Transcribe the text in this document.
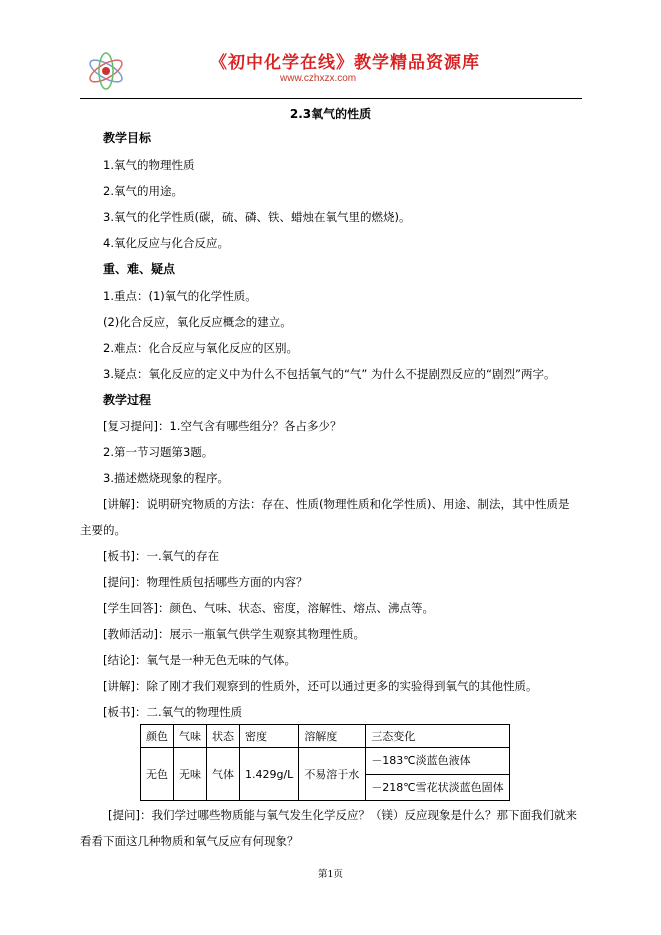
《初中化学在线》教学精品资源库
www.czhxzx.com
2.3氧气的性质
教学目标
1.氧气的物理性质
2.氧气的用途。
3.氧气的化学性质(碳，硫、磷、铁、蜡烛在氧气里的燃烧)。
4.氧化反应与化合反应。
重、难、疑点
1.重点：(1)氧气的化学性质。
(2)化合反应，氧化反应概念的建立。
2.难点：化合反应与氧化反应的区别。
3.疑点：氧化反应的定义中为什么不包括氧气的“气” 为什么不提剧烈反应的“剧烈”两字。
教学过程
[复习提问]：1.空气含有哪些组分？各占多少？
2.第一节习题第3题。
3.描述燃烧现象的程序。
[讲解]：说明研究物质的方法：存在、性质(物理性质和化学性质)、用途、制法，其中性质是
主要的。
[板书]：一.氧气的存在
[提问]：物理性质包括哪些方面的内容？
[学生回答]：颜色、气味、状态、密度，溶解性、熔点、沸点等。
[教师活动]：展示一瓶氧气供学生观察其物理性质。
[结论]：氧气是一种无色无味的气体。
[讲解]：除了刚才我们观察到的性质外，还可以通过更多的实验得到氧气的其他性质。
[板书]：二.氧气的物理性质
颜色	气味	状态	密度	溶解度	三态变化
无色	无味	气体	1.429g/L	不易溶于水	－183℃淡蓝色液体
－218℃雪花状淡蓝色固体
[提问]：我们学过哪些物质能与氧气发生化学反应？（镁）反应现象是什么？那下面我们就来
看看下面这几种物质和氧气反应有何现象？
第1页
